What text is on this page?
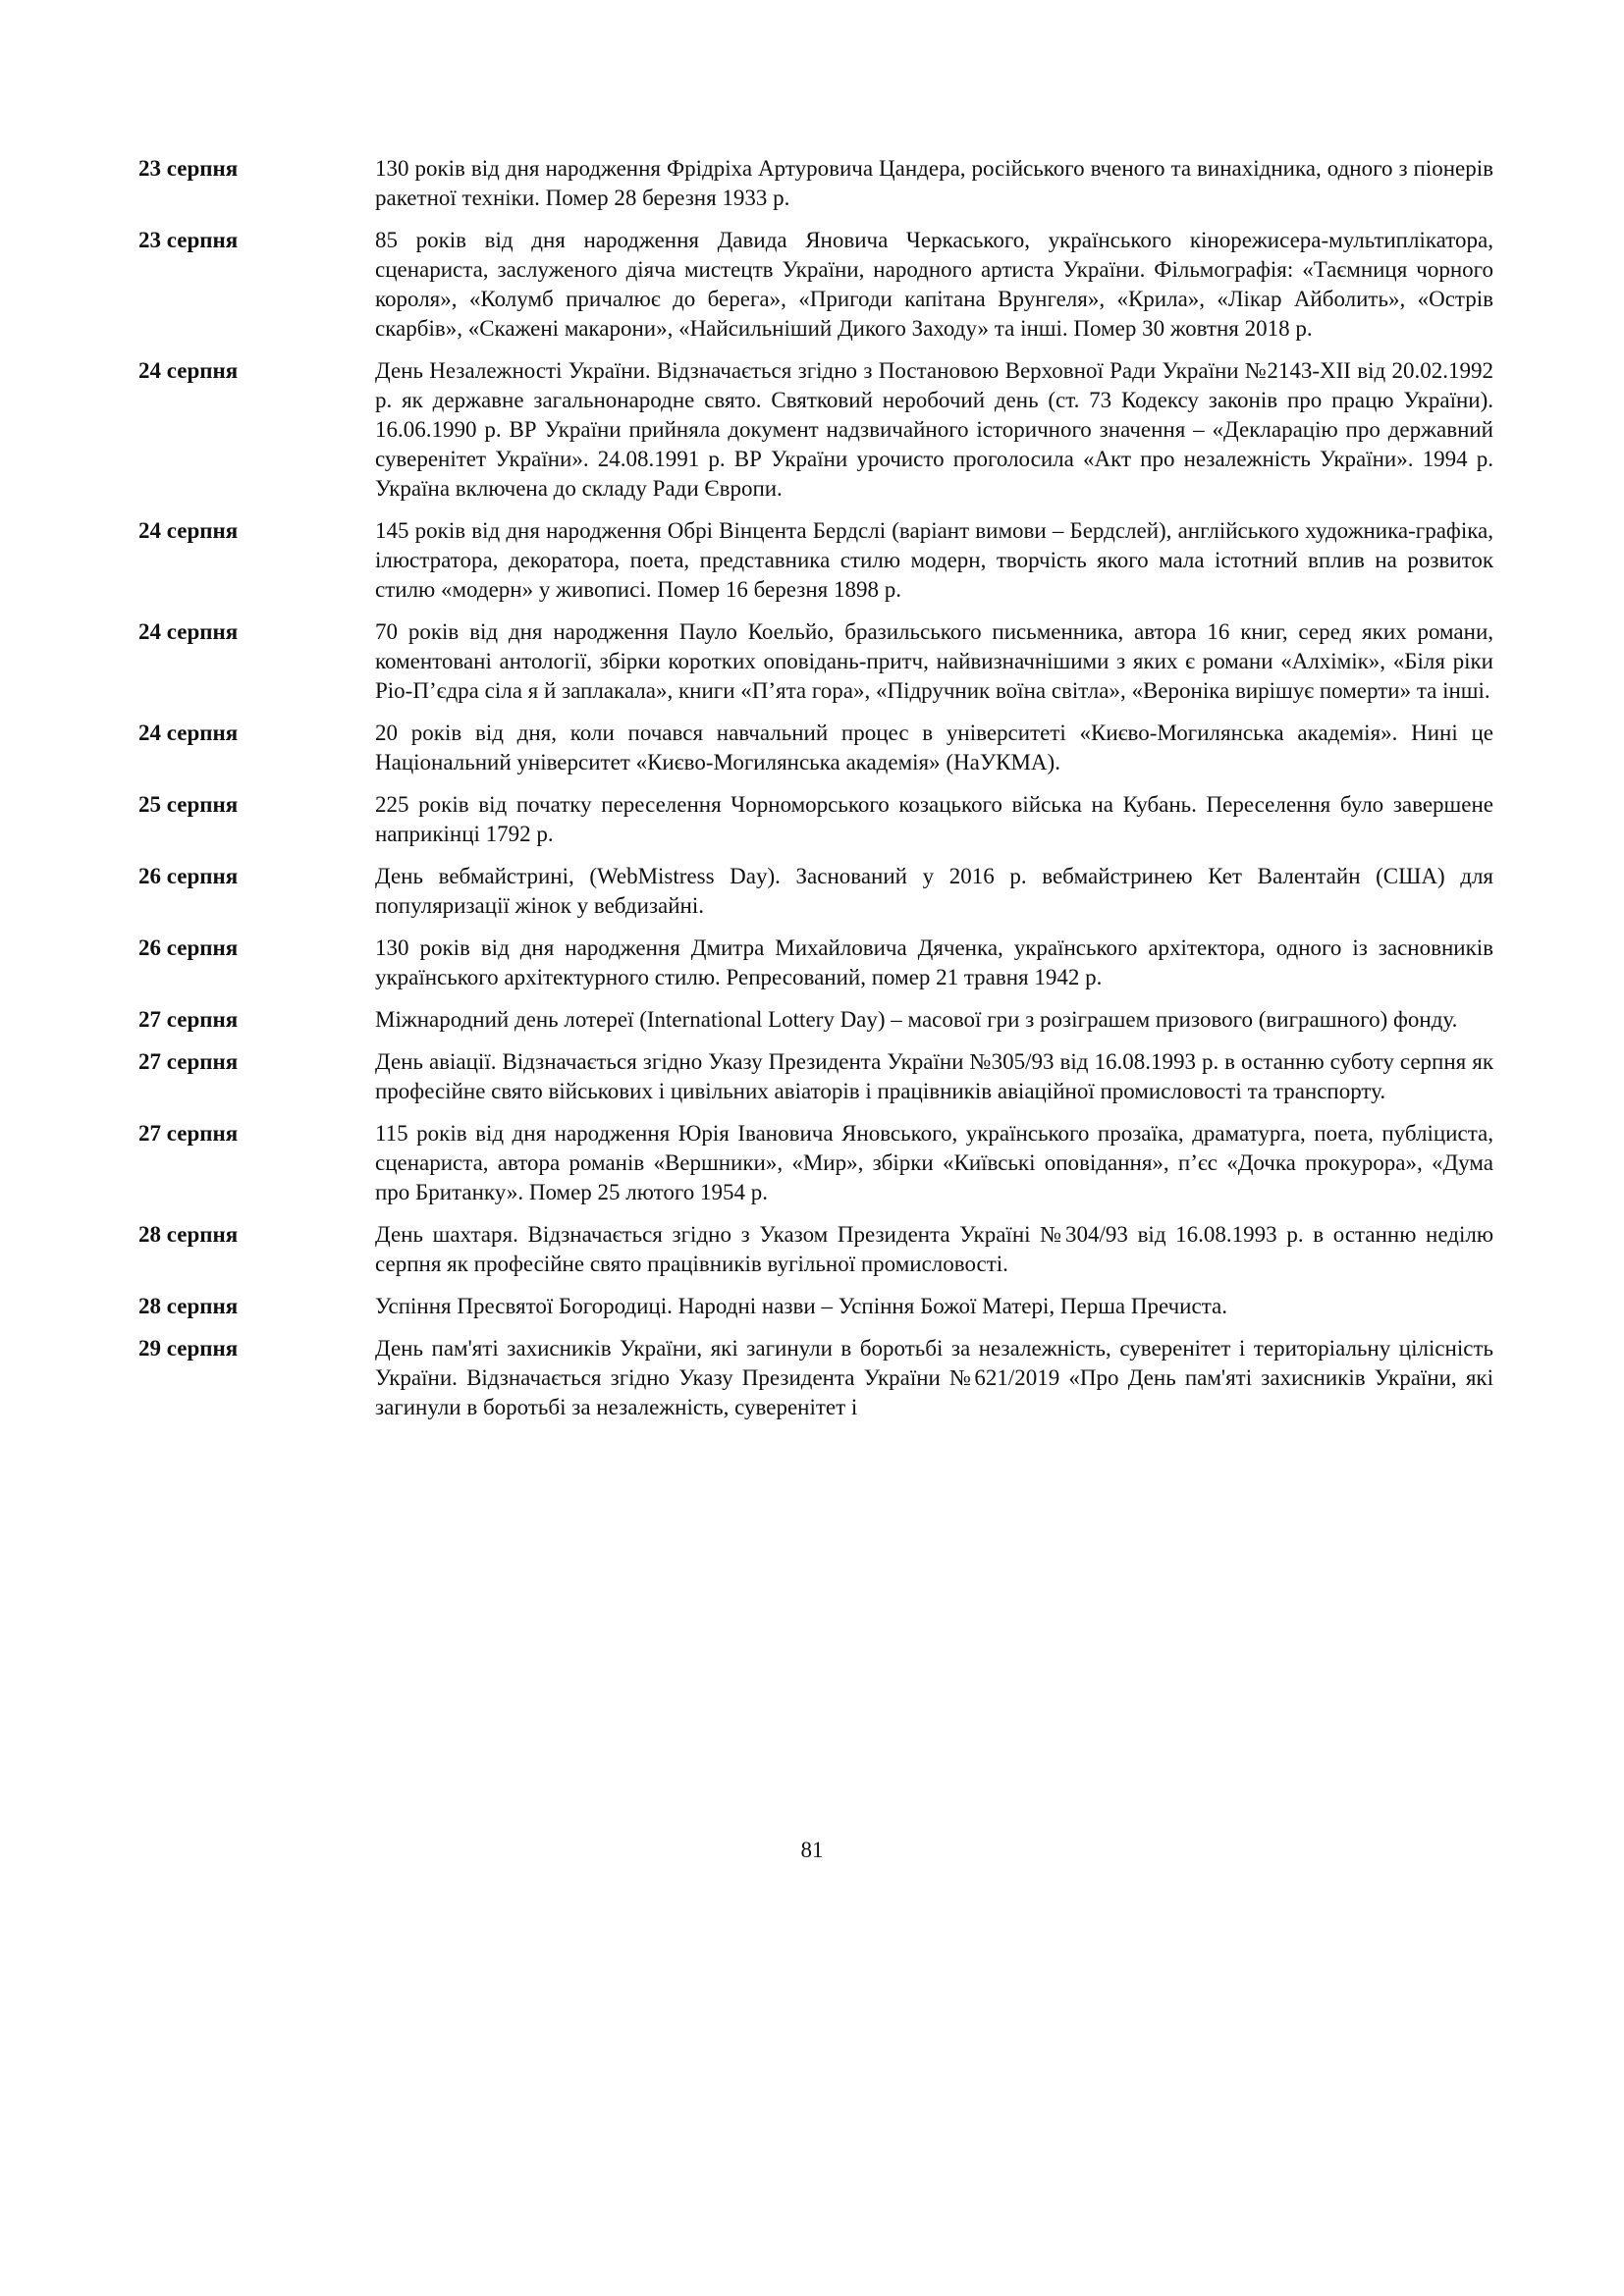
23 серпня	130 років від дня народження Фрідріха Артуровича Цандера, російського вченого та винахідника, одного з піонерів ракетної техніки. Помер 28 березня 1933 р.
23 серпня	85 років від дня народження Давида Яновича Черкаського, українського кінорежисера-мультиплікатора, сценариста, заслуженого діяча мистецтв України, народного артиста України. Фільмографія: «Таємниця чорного короля», «Колумб причалює до берега», «Пригоди капітана Врунгеля», «Крила», «Лікар Айболить», «Острів скарбів», «Скажені макарони», «Найсильніший Дикого Заходу» та інші. Помер 30 жовтня 2018 р.
24 серпня	День Незалежності України. Відзначається згідно з Постановою Верховної Ради України №2143-XII від 20.02.1992 р. як державне загальнонародне свято. Святковий неробочий день (ст. 73 Кодексу законів про працю України). 16.06.1990 р. ВР України прийняла документ надзвичайного історичного значення – «Декларацію про державний суверенітет України». 24.08.1991 р. ВР України урочисто проголосила «Акт про незалежність України». 1994 р. Україна включена до складу Ради Європи.
24 серпня	145 років від дня народження Обрі Вінцента Бердслі (варіант вимови – Бердслей), англійського художника-графіка, ілюстратора, декоратора, поета, представника стилю модерн, творчість якого мала істотний вплив на розвиток стилю «модерн» у живописі. Помер 16 березня 1898 р.
24 серпня	70 років від дня народження Пауло Коельйо, бразильського письменника, автора 16 книг, серед яких романи, коментовані антології, збірки коротких оповідань-притч, найвизначнішими з яких є романи «Алхімік», «Біля ріки Ріо-П’єдра сіла я й заплакала», книги «П’ята гора», «Підручник воїна світла», «Вероніка вирішує померти» та інші.
24 серпня	20 років від дня, коли почався навчальний процес в університеті «Києво-Могилянська академія». Нині це Національний університет «Києво-Могилянська академія» (НаУКМА).
25 серпня	225 років від початку переселення Чорноморського козацького війська на Кубань. Переселення було завершене наприкінці 1792 р.
26 серпня	День вебмайстрині, (WebMistress Day). Заснований у 2016 р. вебмайстринею Кет Валентайн (США) для популяризації жінок у вебдизайні.
26 серпня	130 років від дня народження Дмитра Михайловича Дяченка, українського архітектора, одного із засновників українського архітектурного стилю. Репресований, помер 21 травня 1942 р.
27 серпня	Міжнародний день лотереї (International Lottery Day) – масової гри з розіграшем призового (виграшного) фонду.
27 серпня	День авіації. Відзначається згідно Указу Президента України №305/93 від 16.08.1993 р. в останню суботу серпня як професійне свято військових і цивільних авіаторів і працівників авіаційної промисловості та транспорту.
27 серпня	115 років від дня народження Юрія Івановича Яновського, українського прозаїка, драматурга, поета, публіциста, сценариста, автора романів «Вершники», «Мир», збірки «Київські оповідання», п’єс «Дочка прокурора», «Дума про Британку». Помер 25 лютого 1954 р.
28 серпня	День шахтаря. Відзначається згідно з Указом Президента Україні №304/93 від 16.08.1993 р. в останню неділю серпня як професійне свято працівників вугільної промисловості.
28 серпня	Успіння Пресвятої Богородиці. Народні назви – Успіння Божої Матері, Перша Пречиста.
29 серпня	День пам'яті захисників України, які загинули в боротьбі за незалежність, суверенітет і територіальну цілісність України. Відзначається згідно Указу Президента України №621/2019 «Про День пам'яті захисників України, які загинули в боротьбі за незалежність, суверенітет і
81
